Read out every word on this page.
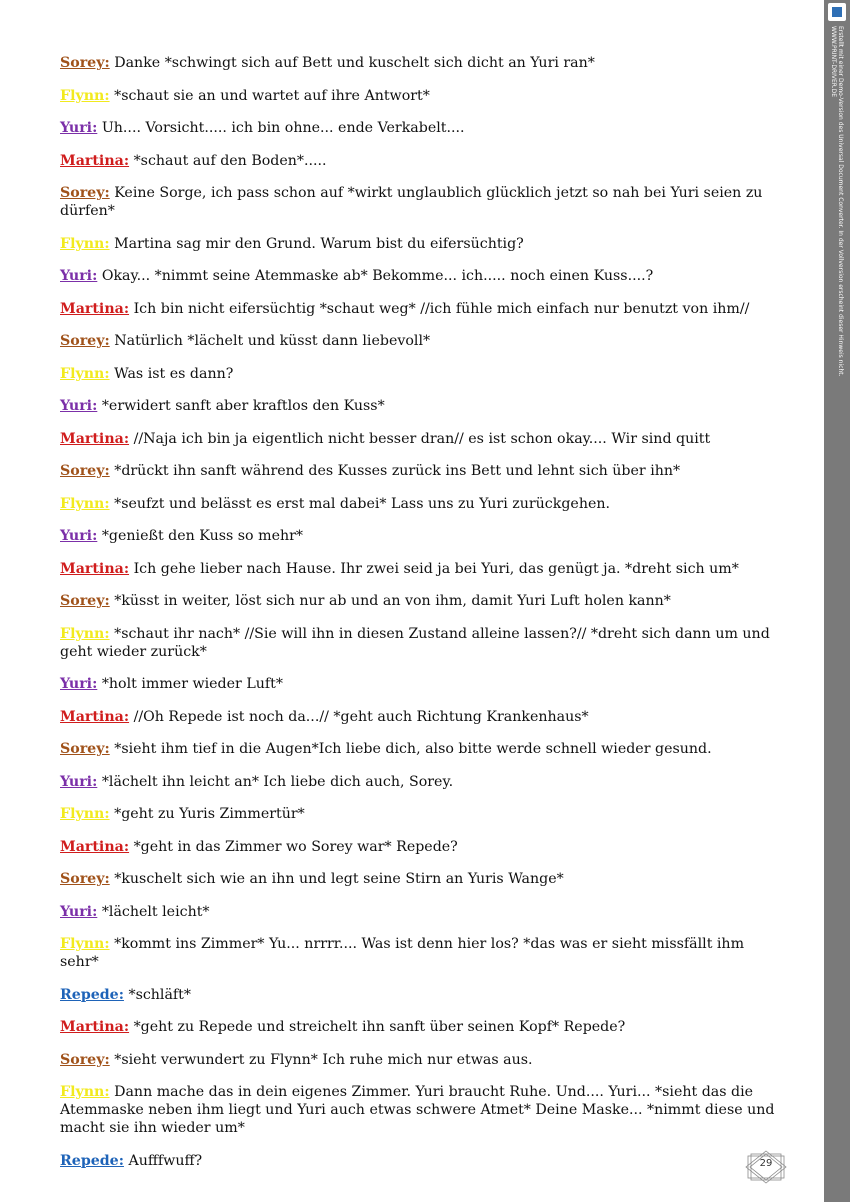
Sorey: Danke *schwingt sich auf Bett und kuschelt sich dicht an Yuri ran*
Flynn: *schaut sie an und wartet auf ihre Antwort*
Yuri: Uh.... Vorsicht..... ich bin ohne... ende Verkabelt....
Martina: *schaut auf den Boden*.....
Sorey: Keine Sorge, ich pass schon auf *wirkt unglaublich glücklich jetzt so nah bei Yuri seien zu dürfen*
Flynn: Martina sag mir den Grund. Warum bist du eifersüchtig?
Yuri: Okay... *nimmt seine Atemmaske ab* Bekomme... ich..... noch einen Kuss....?
Martina: Ich bin nicht eifersüchtig *schaut weg* //ich fühle mich einfach nur benutzt von ihm//
Sorey: Natürlich *lächelt und küsst dann liebevoll*
Flynn: Was ist es dann?
Yuri: *erwidert sanft aber kraftlos den Kuss*
Martina: //Naja ich bin ja eigentlich nicht besser dran// es ist schon okay.... Wir sind quitt
Sorey: *drückt ihn sanft während des Kusses zurück ins Bett und lehnt sich über ihn*
Flynn: *seufzt und belässt es erst mal dabei* Lass uns zu Yuri zurückgehen.
Yuri: *genießt den Kuss so mehr*
Martina: Ich gehe lieber nach Hause. Ihr zwei seid ja bei Yuri, das genügt ja. *dreht sich um*
Sorey: *küsst in weiter, löst sich nur ab und an von ihm, damit Yuri Luft holen kann*
Flynn: *schaut ihr nach* //Sie will ihn in diesen Zustand alleine lassen?// *dreht sich dann um und geht wieder zurück*
Yuri: *holt immer wieder Luft*
Martina: //Oh Repede ist noch da...// *geht auch Richtung Krankenhaus*
Sorey: *sieht ihm tief in die Augen*Ich liebe dich, also bitte werde schnell wieder gesund.
Yuri: *lächelt ihn leicht an* Ich liebe dich auch, Sorey.
Flynn: *geht zu Yuris Zimmertür*
Martina: *geht in das Zimmer wo Sorey war* Repede?
Sorey: *kuschelt sich wie an ihn und legt seine Stirn an Yuris Wange*
Yuri: *lächelt leicht*
Flynn: *kommt ins Zimmer* Yu... nrrrr.... Was ist denn hier los? *das was er sieht missfällt ihm sehr*
Repede: *schläft*
Martina: *geht zu Repede und streichelt ihn sanft über seinen Kopf* Repede?
Sorey: *sieht verwundert zu Flynn* Ich ruhe mich nur etwas aus.
Flynn: Dann mache das in dein eigenes Zimmer. Yuri braucht Ruhe. Und.... Yuri... *sieht das die Atemmaske neben ihm liegt und Yuri auch etwas schwere Atmet* Deine Maske... *nimmt diese und macht sie ihn wieder um*
Repede: Aufffwuff?	29
Erstellt mit einer Demo-Version des Universal Document Converter. In der Vollversion erscheint dieser Hinweis nicht.
WWW.PRINT-DRIVER.DE
